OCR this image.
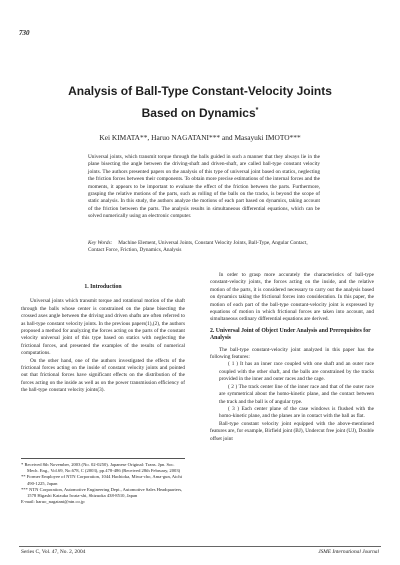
730
Analysis of Ball-Type Constant-Velocity Joints
Based on Dynamics*
Kei KIMATA**, Haruo NAGATANI*** and Masayuki IMOTO***

Universal joints, which transmit torque through the balls guided in such a manner that they always lie in the plane bisecting the angle between the driving-shaft and driven-shaft, are called ball-type constant velocity joints. The authors presented papers on the analysis of this type of universal joint based on statics, neglecting the friction forces between their components. To obtain more precise estimations of the internal forces and the moments, it appears to be important to evaluate the effect of the friction between the parts. Furthermore, grasping the relative motions of the parts, such as rolling of the balls on the tracks, is beyond the scope of static analysis. In this study, the authors analyze the motions of each part based on dynamics, taking account of the friction between the parts. The analysis results in simultaneous differential equations, which can be solved numerically using an electronic computer.

Key Words: Machine Element, Universal Joints, Constant Velocity Joints, Ball-Type, Angular Contact, Contact Force, Friction, Dynamics, Analysis
1. Introduction

Universal joints which transmit torque and rotational motion of the shaft through the balls whose center is constrained on the plane bisecting the crossed axes angle between the driving and driven shafts are often referred to as ball-type constant velocity joints. In the previous papers(1),(2), the authors proposed a method for analyzing the forces acting on the parts of the constant velocity universal joint of this type based on statics with neglecting the frictional forces, and presented the examples of the results of numerical computations.

On the other hand, one of the authors investigated the effects of the frictional forces acting on the inside of constant velocity joints and pointed out that frictional forces have significant effects on the distribution of the forces acting on the inside as well as on the power transmission efficiency of the ball-type constant velocity joints(3).

In order to grasp more accurately the characteristics of ball-type constant-velocity joints, the forces acting on the inside, and the relative motion of the parts, it is considered necessary to carry out the analysis based on dynamics taking the frictional forces into consideration. In this paper, the motion of each part of the ball-type constant-velocity joint is expressed by equations of motion in which frictional forces are taken into account, and simultaneous ordinary differential equations are derived.

2. Universal Joint of Object Under Analysis and Prerequisites for Analysis

The ball-type constant-velocity joint analyzed in this paper has the following features:

( 1 ) It has an inner race coupled with one shaft and an outer race coupled with the other shaft, and the balls are constrained by the tracks provided in the inner and outer races and the cage.

( 2 ) The track center line of the inner race and that of the outer race are symmetrical about the homo-kinetic plane, and the contact between the track and the ball is of angular type.

( 3 ) Each center plane of the case windows is flushed with the homo-kinetic plane, and the planes are in contact with the ball as flat.

Ball-type constant velocity joint equipped with the above-mentioned features are, for example, Birfield joint (BJ), Undercut free joint (UJ), Double offset joint

* Received 8th November, 2003 (No. 02-0250). Japanese Original: Trans. Jpn. Soc. Mech. Eng., Vol.69, No.678, C (2003), pp.478-486 (Received 28th February, 2003)
** Former Employee of NTN Corporation, 1044 Hachioka, Miwa-cho, Ama-gun, Aichi 490-1225, Japan
*** NTN Corporation, Automotive Engineering Dept., Automotive Sales Headquarters, 1578 Higashi Kaizuka Iwata-shi, Shizuoka 438-8510, Japan
E-mail: haruo_nagatani@ntn.co.jp
Series C, Vol. 47, No. 2, 2004	JSME International Journal
